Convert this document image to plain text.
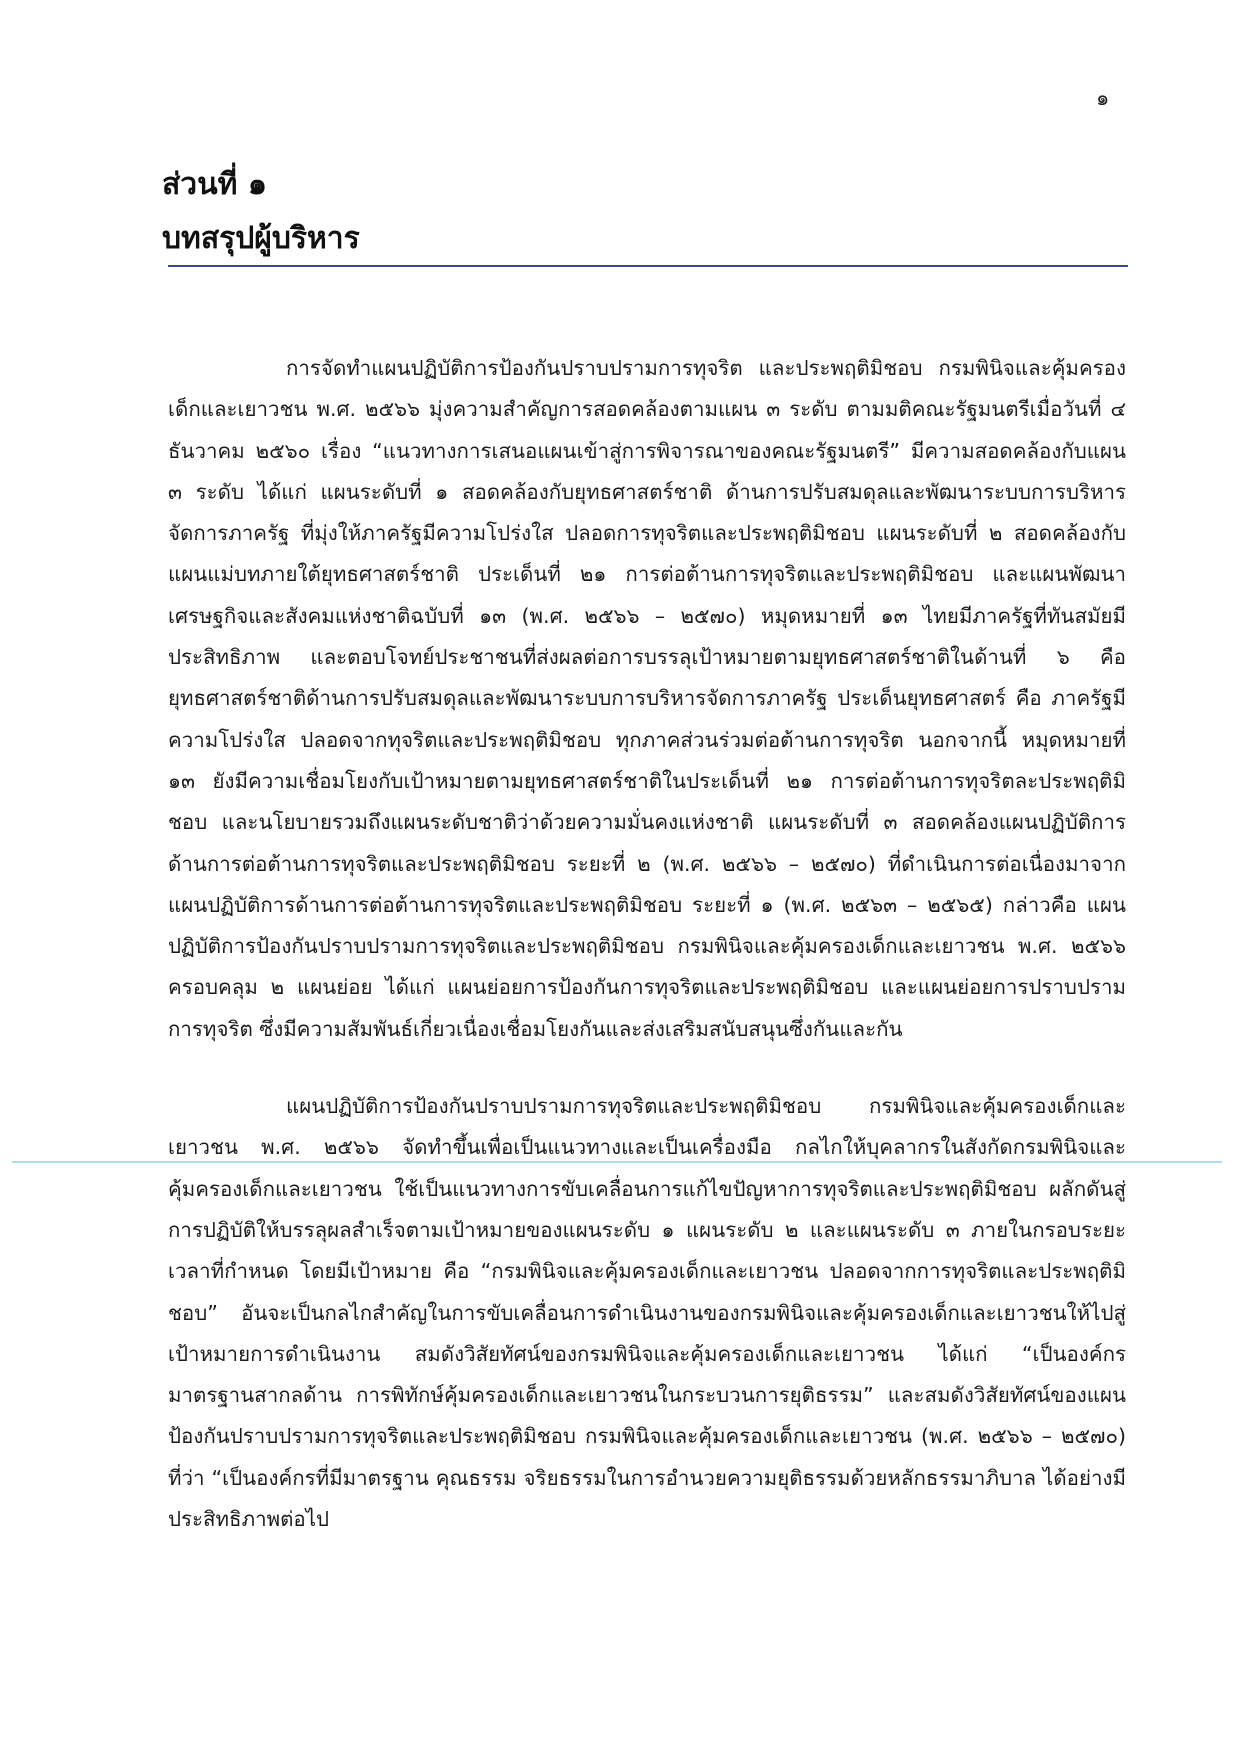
๑
ส่วนที่ ๑
บทสรุปผู้บริหาร

การจัดทำแผนปฏิบัติการป้องกันปราบปรามการทุจริต และประพฤติมิชอบ กรมพินิจและคุ้มครองเด็กและเยาวชน พ.ศ. ๒๕๖๖ มุ่งความสำคัญการสอดคล้องตามแผน ๓ ระดับ ตามมติคณะรัฐมนตรีเมื่อวันที่ ๔ ธันวาคม ๒๕๖๐ เรื่อง “แนวทางการเสนอแผนเข้าสู่การพิจารณาของคณะรัฐมนตรี” มีความสอดคล้องกับแผน ๓ ระดับ ได้แก่ แผนระดับที่ ๑ สอดคล้องกับยุทธศาสตร์ชาติ ด้านการปรับสมดุลและพัฒนาระบบการบริหารจัดการภาครัฐ ที่มุ่งให้ภาครัฐมีความโปร่งใส ปลอดการทุจริตและประพฤติมิชอบ แผนระดับที่ ๒ สอดคล้องกับแผนแม่บทภายใต้ยุทธศาสตร์ชาติ ประเด็นที่ ๒๑ การต่อต้านการทุจริตและประพฤติมิชอบ และแผนพัฒนาเศรษฐกิจและสังคมแห่งชาติฉบับที่ ๑๓ (พ.ศ. ๒๕๖๖ – ๒๕๗๐) หมุดหมายที่ ๑๓ ไทยมีภาครัฐที่ทันสมัยมีประสิทธิภาพ และตอบโจทย์ประชาชนที่ส่งผลต่อการบรรลุเป้าหมายตามยุทธศาสตร์ชาติในด้านที่ ๖ คือ ยุทธศาสตร์ชาติด้านการปรับสมดุลและพัฒนาระบบการบริหารจัดการภาครัฐ ประเด็นยุทธศาสตร์ คือ ภาครัฐมีความโปร่งใส ปลอดจากทุจริตและประพฤติมิชอบ ทุกภาคส่วนร่วมต่อต้านการทุจริต นอกจากนี้ หมุดหมายที่ ๑๓ ยังมีความเชื่อมโยงกับเป้าหมายตามยุทธศาสตร์ชาติในประเด็นที่ ๒๑ การต่อต้านการทุจริตละประพฤติมิชอบ และนโยบายรวมถึงแผนระดับชาติว่าด้วยความมั่นคงแห่งชาติ แผนระดับที่ ๓ สอดคล้องแผนปฏิบัติการด้านการต่อต้านการทุจริตและประพฤติมิชอบ ระยะที่ ๒ (พ.ศ. ๒๕๖๖ – ๒๕๗๐) ที่ดำเนินการต่อเนื่องมาจากแผนปฏิบัติการด้านการต่อต้านการทุจริตและประพฤติมิชอบ ระยะที่ ๑ (พ.ศ. ๒๕๖๓ – ๒๕๖๕) กล่าวคือ แผนปฏิบัติการป้องกันปราบปรามการทุจริตและประพฤติมิชอบ กรมพินิจและคุ้มครองเด็กและเยาวชน พ.ศ. ๒๕๖๖ ครอบคลุม ๒ แผนย่อย ได้แก่ แผนย่อยการป้องกันการทุจริตและประพฤติมิชอบ และแผนย่อยการปราบปรามการทุจริต ซึ่งมีความสัมพันธ์เกี่ยวเนื่องเชื่อมโยงกันและส่งเสริมสนับสนุนซึ่งกันและกัน

แผนปฏิบัติการป้องกันปราบปรามการทุจริตและประพฤติมิชอบ กรมพินิจและคุ้มครองเด็กและเยาวชน พ.ศ. ๒๕๖๖ จัดทำขึ้นเพื่อเป็นแนวทางและเป็นเครื่องมือ กลไกให้บุคลากรในสังกัดกรมพินิจและคุ้มครองเด็กและเยาวชน ใช้เป็นแนวทางการขับเคลื่อนการแก้ไขปัญหาการทุจริตและประพฤติมิชอบ ผลักดันสู่การปฏิบัติให้บรรลุผลสำเร็จตามเป้าหมายของแผนระดับ ๑ แผนระดับ ๒ และแผนระดับ ๓ ภายในกรอบระยะเวลาที่กำหนด โดยมีเป้าหมาย คือ “กรมพินิจและคุ้มครองเด็กและเยาวชน ปลอดจากการทุจริตและประพฤติมิชอบ” อันจะเป็นกลไกสำคัญในการขับเคลื่อนการดำเนินงานของกรมพินิจและคุ้มครองเด็กและเยาวชนให้ไปสู่เป้าหมายการดำเนินงาน สมดังวิสัยทัศน์ของกรมพินิจและคุ้มครองเด็กและเยาวชน ได้แก่ “เป็นองค์กรมาตรฐานสากลด้าน การพิทักษ์คุ้มครองเด็กและเยาวชนในกระบวนการยุติธรรม” และสมดังวิสัยทัศน์ของแผนป้องกันปราบปรามการทุจริตและประพฤติมิชอบ กรมพินิจและคุ้มครองเด็กและเยาวชน (พ.ศ. ๒๕๖๖ – ๒๕๗๐) ที่ว่า “เป็นองค์กรที่มีมาตรฐาน คุณธรรม จริยธรรมในการอำนวยความยุติธรรมด้วยหลักธรรมาภิบาล ได้อย่างมีประสิทธิภาพต่อไป
